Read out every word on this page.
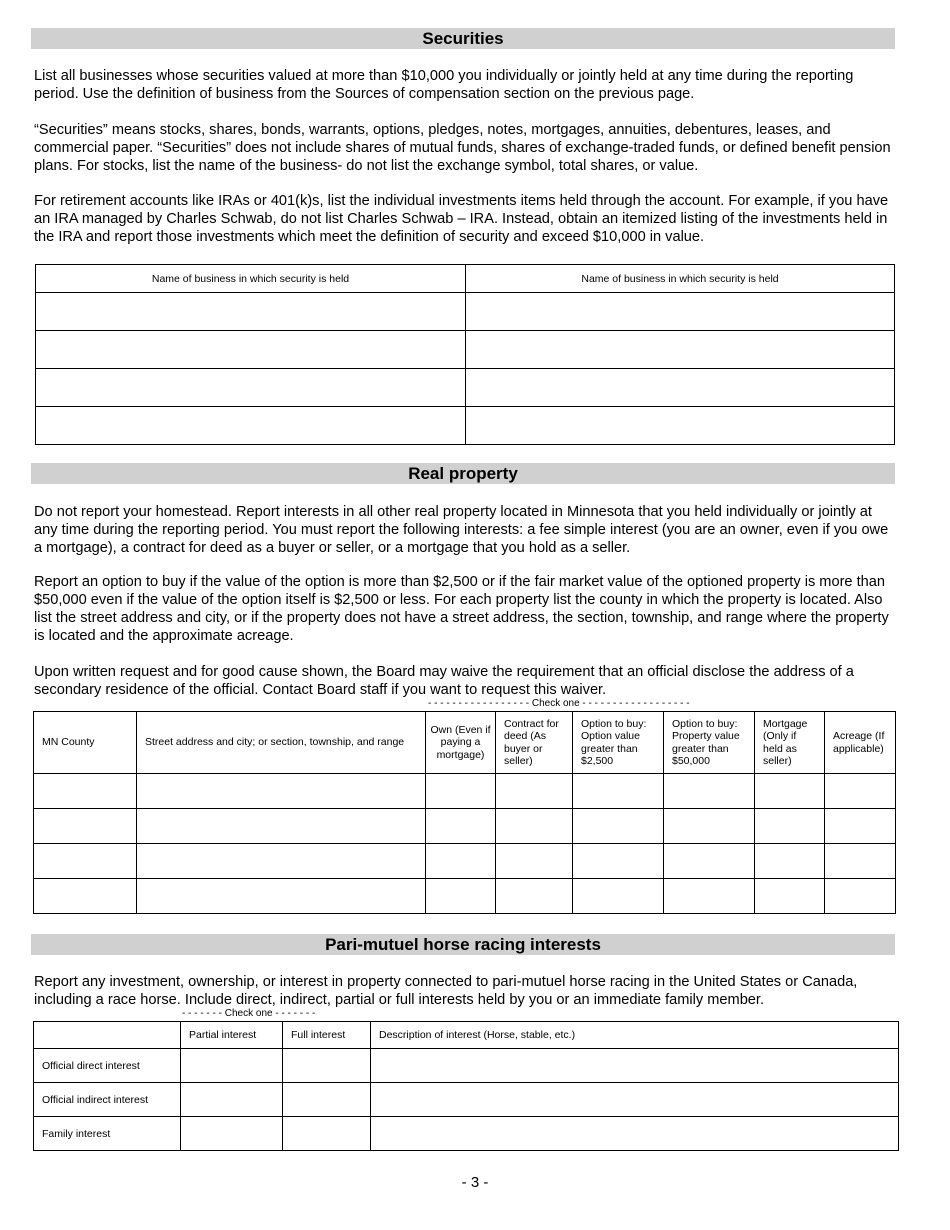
Securities

List all businesses whose securities valued at more than $10,000 you individually or jointly held at any time during the reporting period. Use the definition of business from the Sources of compensation section on the previous page.

“Securities” means stocks, shares, bonds, warrants, options, pledges, notes, mortgages, annuities, debentures, leases, and commercial paper. “Securities” does not include shares of mutual funds, shares of exchange-traded funds, or defined benefit pension plans. For stocks, list the name of the business- do not list the exchange symbol, total shares, or value.

For retirement accounts like IRAs or 401(k)s, list the individual investments items held through the account. For example, if you have an IRA managed by Charles Schwab, do not list Charles Schwab – IRA. Instead, obtain an itemized listing of the investments held in the IRA and report those investments which meet the definition of security and exceed $10,000 in value.

Name of business in which security is held	Name of business in which security is held

Real property

Do not report your homestead. Report interests in all other real property located in Minnesota that you held individually or jointly at any time during the reporting period. You must report the following interests: a fee simple interest (you are an owner, even if you owe a mortgage), a contract for deed as a buyer or seller, or a mortgage that you hold as a seller.

Report an option to buy if the value of the option is more than $2,500 or if the fair market value of the optioned property is more than $50,000 even if the value of the option itself is $2,500 or less. For each property list the county in which the property is located. Also list the street address and city, or if the property does not have a street address, the section, township, and range where the property is located and the approximate acreage.

Upon written request and for good cause shown, the Board may waive the requirement that an official disclose the address of a secondary residence of the official. Contact Board staff if you want to request this waiver.

- - - - - - - - - - - - - - - - - Check one - - - - - - - - - - - - - - - - - -
MN County	Street address and city; or section, township, and range	Own (Even if paying a mortgage)	Contract for deed (As buyer or seller)	Option to buy: Option value greater than $2,500	Option to buy: Property value greater than $50,000	Mortgage (Only if held as seller)	Acreage (If applicable)

Pari-mutuel horse racing interests

Report any investment, ownership, or interest in property connected to pari-mutuel horse racing in the United States or Canada, including a race horse. Include direct, indirect, partial or full interests held by you or an immediate family member.

- - - - - - - Check one - - - - - - -
	Partial interest	Full interest	Description of interest (Horse, stable, etc.)
Official direct interest			
Official indirect interest			
Family interest			
- 3 -
